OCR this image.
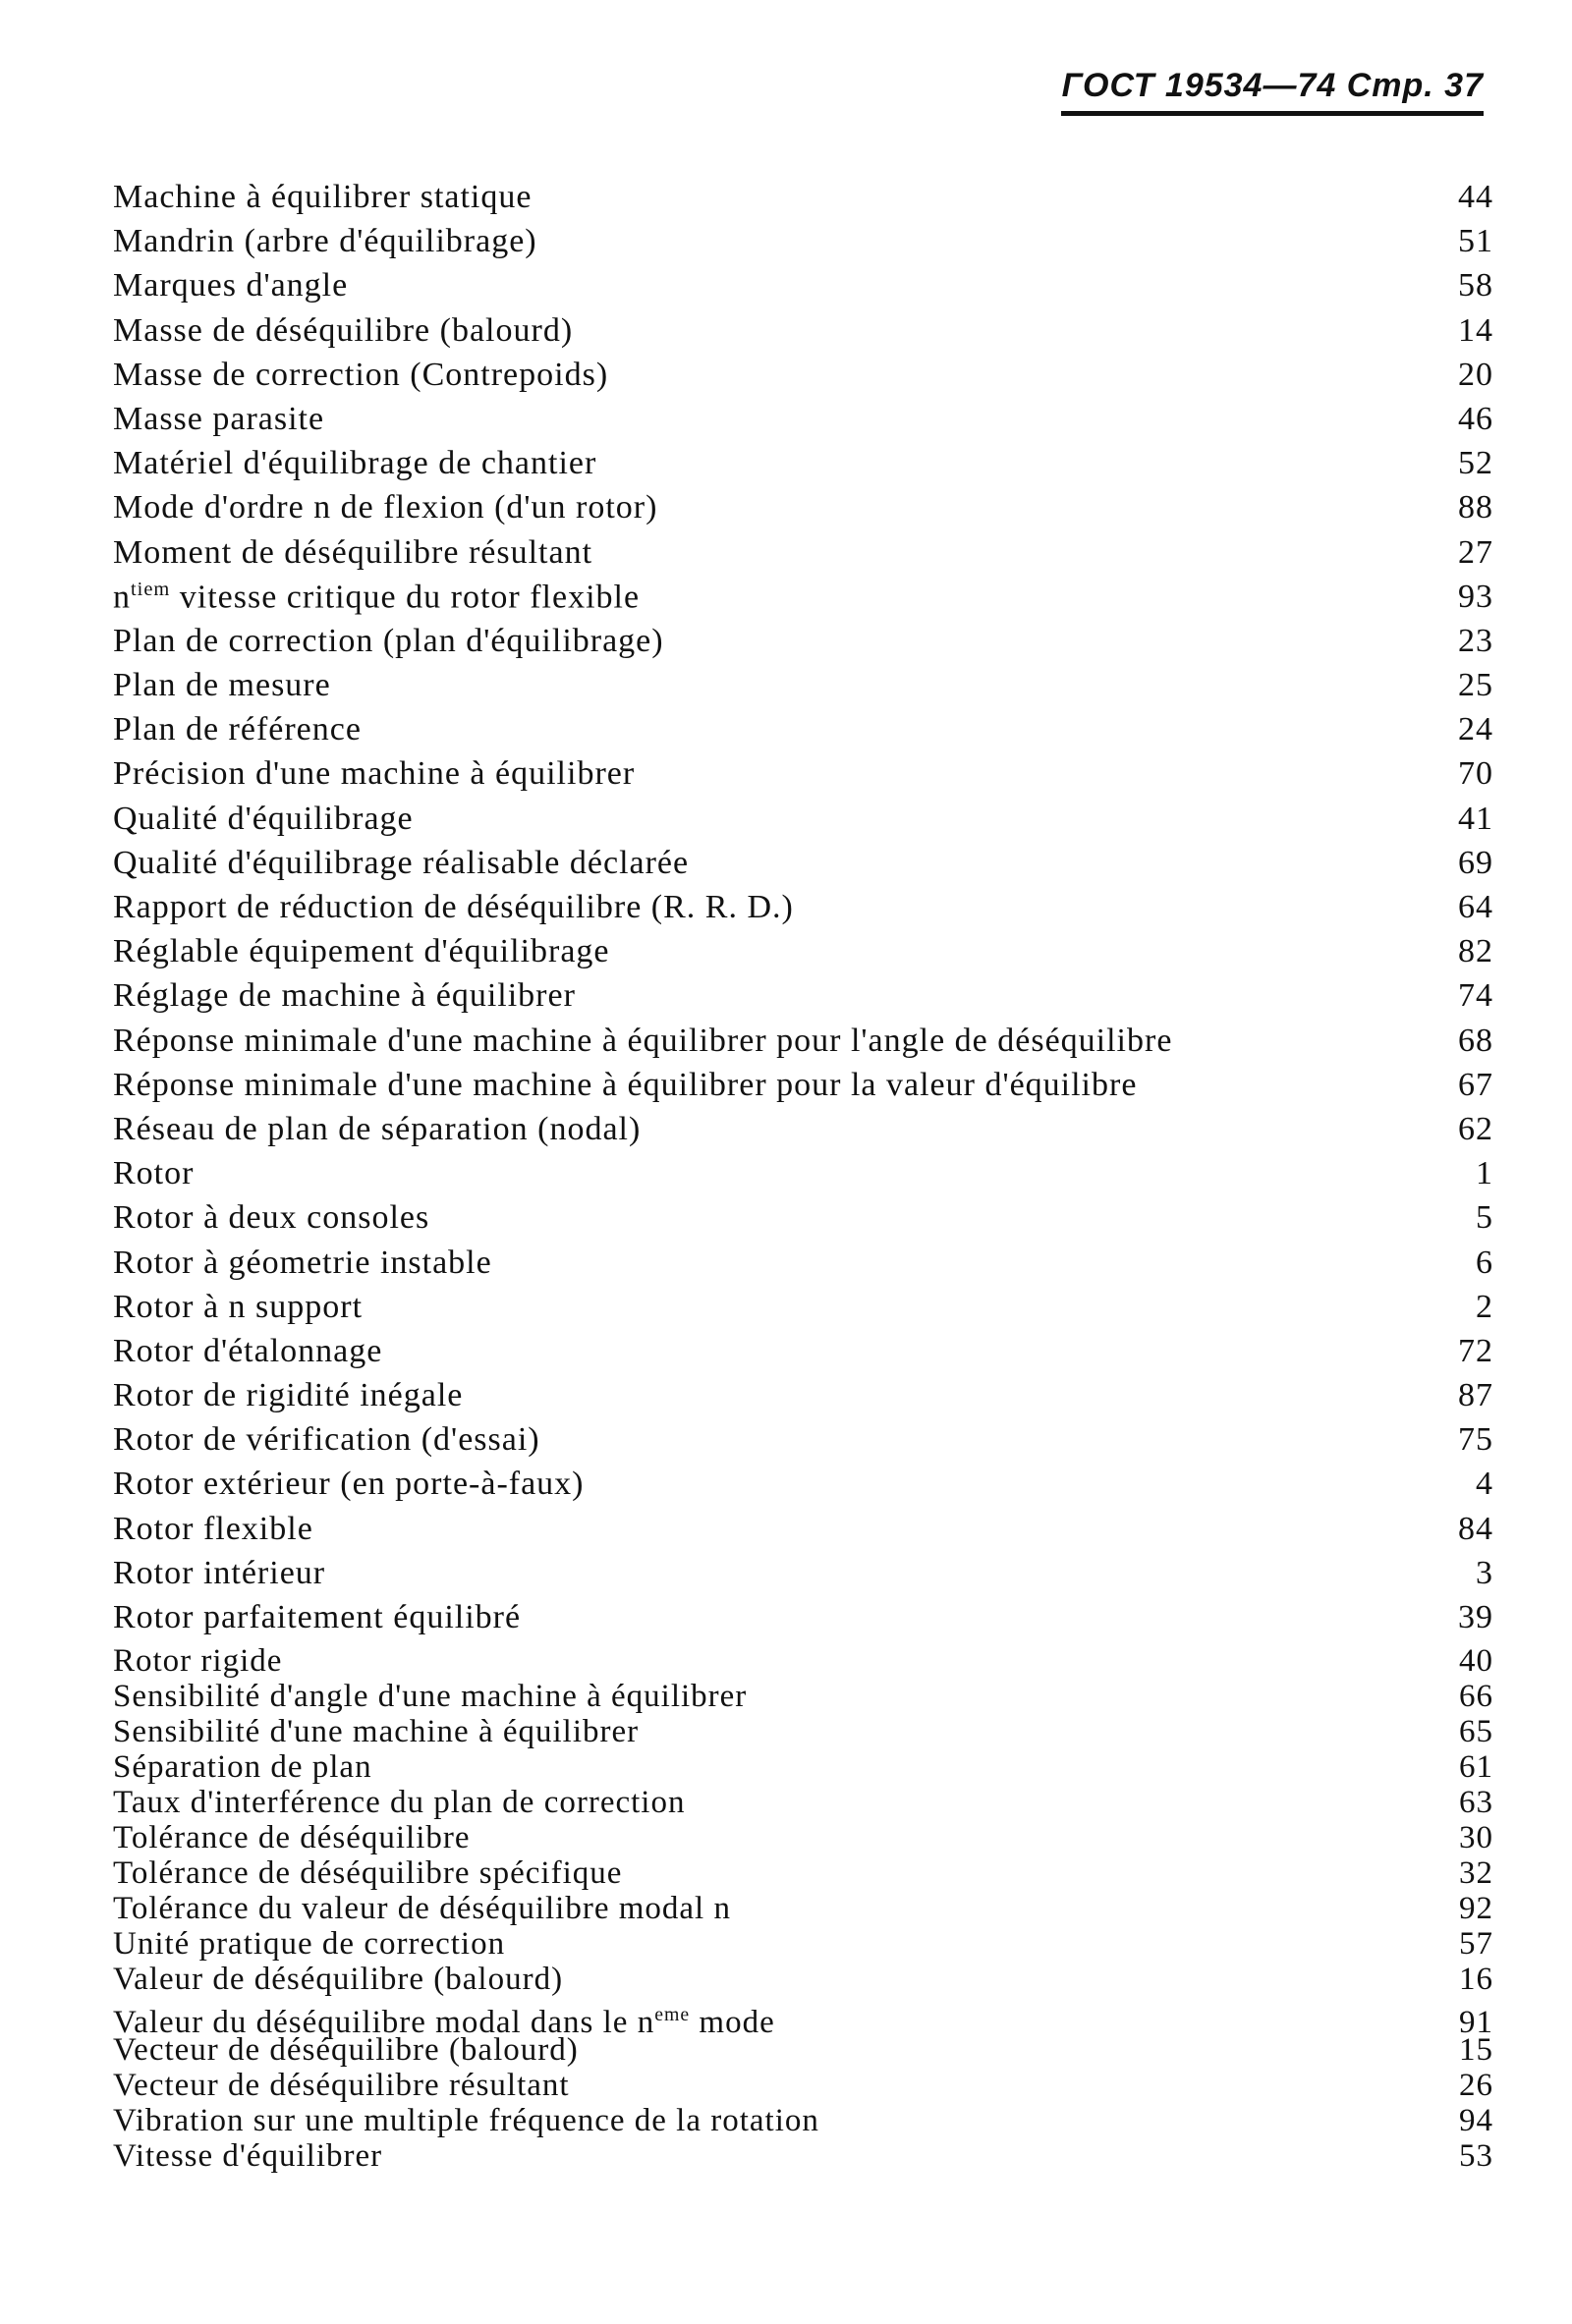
ГОСТ 19534—74 Стр. 37
Machine à équilibrer statique	44
Mandrin (arbre d'équilibrage)	51
Marques d'angle	58
Masse de déséquilibre (balourd)	14
Masse de correction (Contrepoids)	20
Masse parasite	46
Matériel d'équilibrage de chantier	52
Mode d'ordre n de flexion (d'un rotor)	88
Moment de déséquilibre résultant	27
$n^{tiem}$ vitesse critique du rotor flexible	93
Plan de correction (plan d'équilibrage)	23
Plan de mesure	25
Plan de référence	24
Précision d'une machine à équilibrer	70
Qualité d'équilibrage	41
Qualité d'équilibrage réalisable déclarée	69
Rapport de réduction de déséquilibre (R. R. D.)	64
Réglable équipement d'équilibrage	82
Réglage de machine à équilibrer	74
Réponse minimale d'une machine à équilibrer pour l'angle de déséquilibre	68
Réponse minimale d'une machine à équilibrer pour la valeur d'équilibre	67
Réseau de plan de séparation (nodal)	62
Rotor	1
Rotor à deux consoles	5
Rotor à géometrie instable	6
Rotor à n support	2
Rotor d'étalonnage	72
Rotor de rigidité inégale	87
Rotor de vérification (d'essai)	75
Rotor extérieur (en porte-à-faux)	4
Rotor flexible	84
Rotor intérieur	3
Rotor parfaitement équilibré	39
Rotor rigide	40
Sensibilité d'angle d'une machine à équilibrer	66
Sensibilité d'une machine à équilibrer	65
Séparation de plan	61
Taux d'interférence du plan de correction	63
Tolérance de déséquilibre	30
Tolérance de déséquilibre spécifique	32
Tolérance du valeur de déséquilibre modal n	92
Unité pratique de correction	57
Valeur de déséquilibre (balourd)	16
Valeur du déséquilibre modal dans le $n^{eme}$ mode	91
Vecteur de déséquilibre (balourd)	15
Vecteur de déséquilibre résultant	26
Vibration sur une multiple fréquence de la rotation	94
Vitesse d'équilibrer	53
